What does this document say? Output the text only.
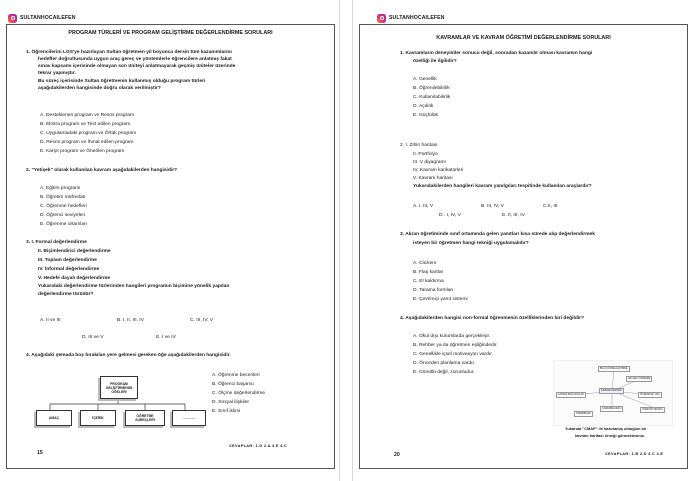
SULTANHOCAILEFEN
PROGRAM TÜRLERİ VE PROGRAM GELİŞTİRME DEĞERLENDİRME SORULARI
1. Öğrencilerini LGS'ye hazırlayan Sultan öğretmen yıl boyunca dersin tüm kazanımlarını
hedefler doğrultusunda uygun araç gereç ve yöntemlerle öğrencilere anlatmış fakat
sınav kapsamı içerisinde olmayan son üniteyi anlatmayarak geçmiş üniteler üzerinde
tekrar yapmıştır.
Bu süreç içerisinde Sultan öğretmenin kullanmış olduğu program türleri
aşağıdakilerden hangisinde doğru olarak verilmiştir?
A. Desteklenen program ve Resmi program
B. Ekstra program ve Test edilen program
C. Uygulamadaki program ve Örtük program
D. Resmi program ve İhmal edilen program
E. Karşıt program ve Önerilen program
2. "Yetişek" olarak kullanılan kavram aşağıdakilerden hangisidir?
A. Eğitim programı
B. Öğretim müfredatı
C. Öğrenme hedefleri
D. Öğrenci seviyeleri
E. Öğrenme ortamları
3. I. Formal değerlendirme
II. Biçimlendirici değerlendirme
III. Toplam değerlendirme
IV. İnformal değerlendirme
V. Hedefe dayalı değerlendirme
Yukarıdaki değerlendirme türlerinden hangileri programın biçimine yönelik yapılan
değerlendirme türüdür?
A. II ve III	B. I, II, III, IV	C. III, IV, V
D. III ve V	E. I ve IV
4. Aşağıdaki şemada boş bırakılan yere gelmesi gereken öğe aşağıdakilerden hangisidir.
PROGRAM GELİŞTİRMENİN ÖĞELERİ
AMAÇ	İÇERİK	ÖĞRETME SÜREÇLERİ	............
A. Öğrenme becerileri
B. Öğrenci başarısı
C. Ölçme değerlendirme
D. Sosyal ilişkiler
E. Sınıf iklimi
CEVAPLAR: 1.D 2.A 3.E 4.C
15
SULTANHOCAILEFEN
KAVRAMLAR VE KAVRAM ÖĞRETİMİ DEĞERLENDİRME SORULARI
1. Kavramların deneyimler sonucu değil, sonradan kazanılır olması kavramın hangi
özelliği ile ilgilidir?
A. Genellik
B. Öğrenilebilirlik
C. Kullanılabilirlik
D. Açıklık
E. Güçlülük
2. I. Zihin haritası
II. Portfolyo
III. V diyagramı
IV. Kavram karikatürleri
V. Kavram haritası
Yukarıdakilerden hangileri kavram yanılgıları tespitinde kullanılan araçlardır?
A. I, III, V	B. III, IV, V	C.II, III
D . I, IV, V	E. II, III, IV
3. Akran öğretiminde sınıf ortamında gelen yanıtları kısa sürede alıp değerlendirmek
isteyen bir öğretmen hangi tekniği uygulamalıdır?
A. Clickers
B. Flaş kartlar
C. El kaldırma
D. Tarama formları
E. Çevrimiçi yanıt sistemi
4. Aşağıdakilerden hangisi non-formal öğrenmenin özelliklerinden biri değildir?
A. Okul dışı kurumlarda gerçekleşir.
B. Rehber ya da öğretmen eşliğindedir.
C. Genellikle içsel motivasyon vardır.
D. Önceden planlama vardır.
E. Gönüllü değil, zorunludur.
BİLGİ GÖRSELLEŞTİRME
ANLAMLI ÖĞRENME
KAVRAM HARİTASI
ÇAPRAZ BAĞLANTILAR	HİYERARŞİK YAPI
ÖĞRENME ARACI
ÖNERMELER
ÖĞRETİM TEKNİĞİ
Yukarıda "CMAP" ile hazırlamış olduğum bir
kavram haritası örneği görmektesiniz.
20	CEVAPLAR: 1.B 2.D 3.C 4.E
